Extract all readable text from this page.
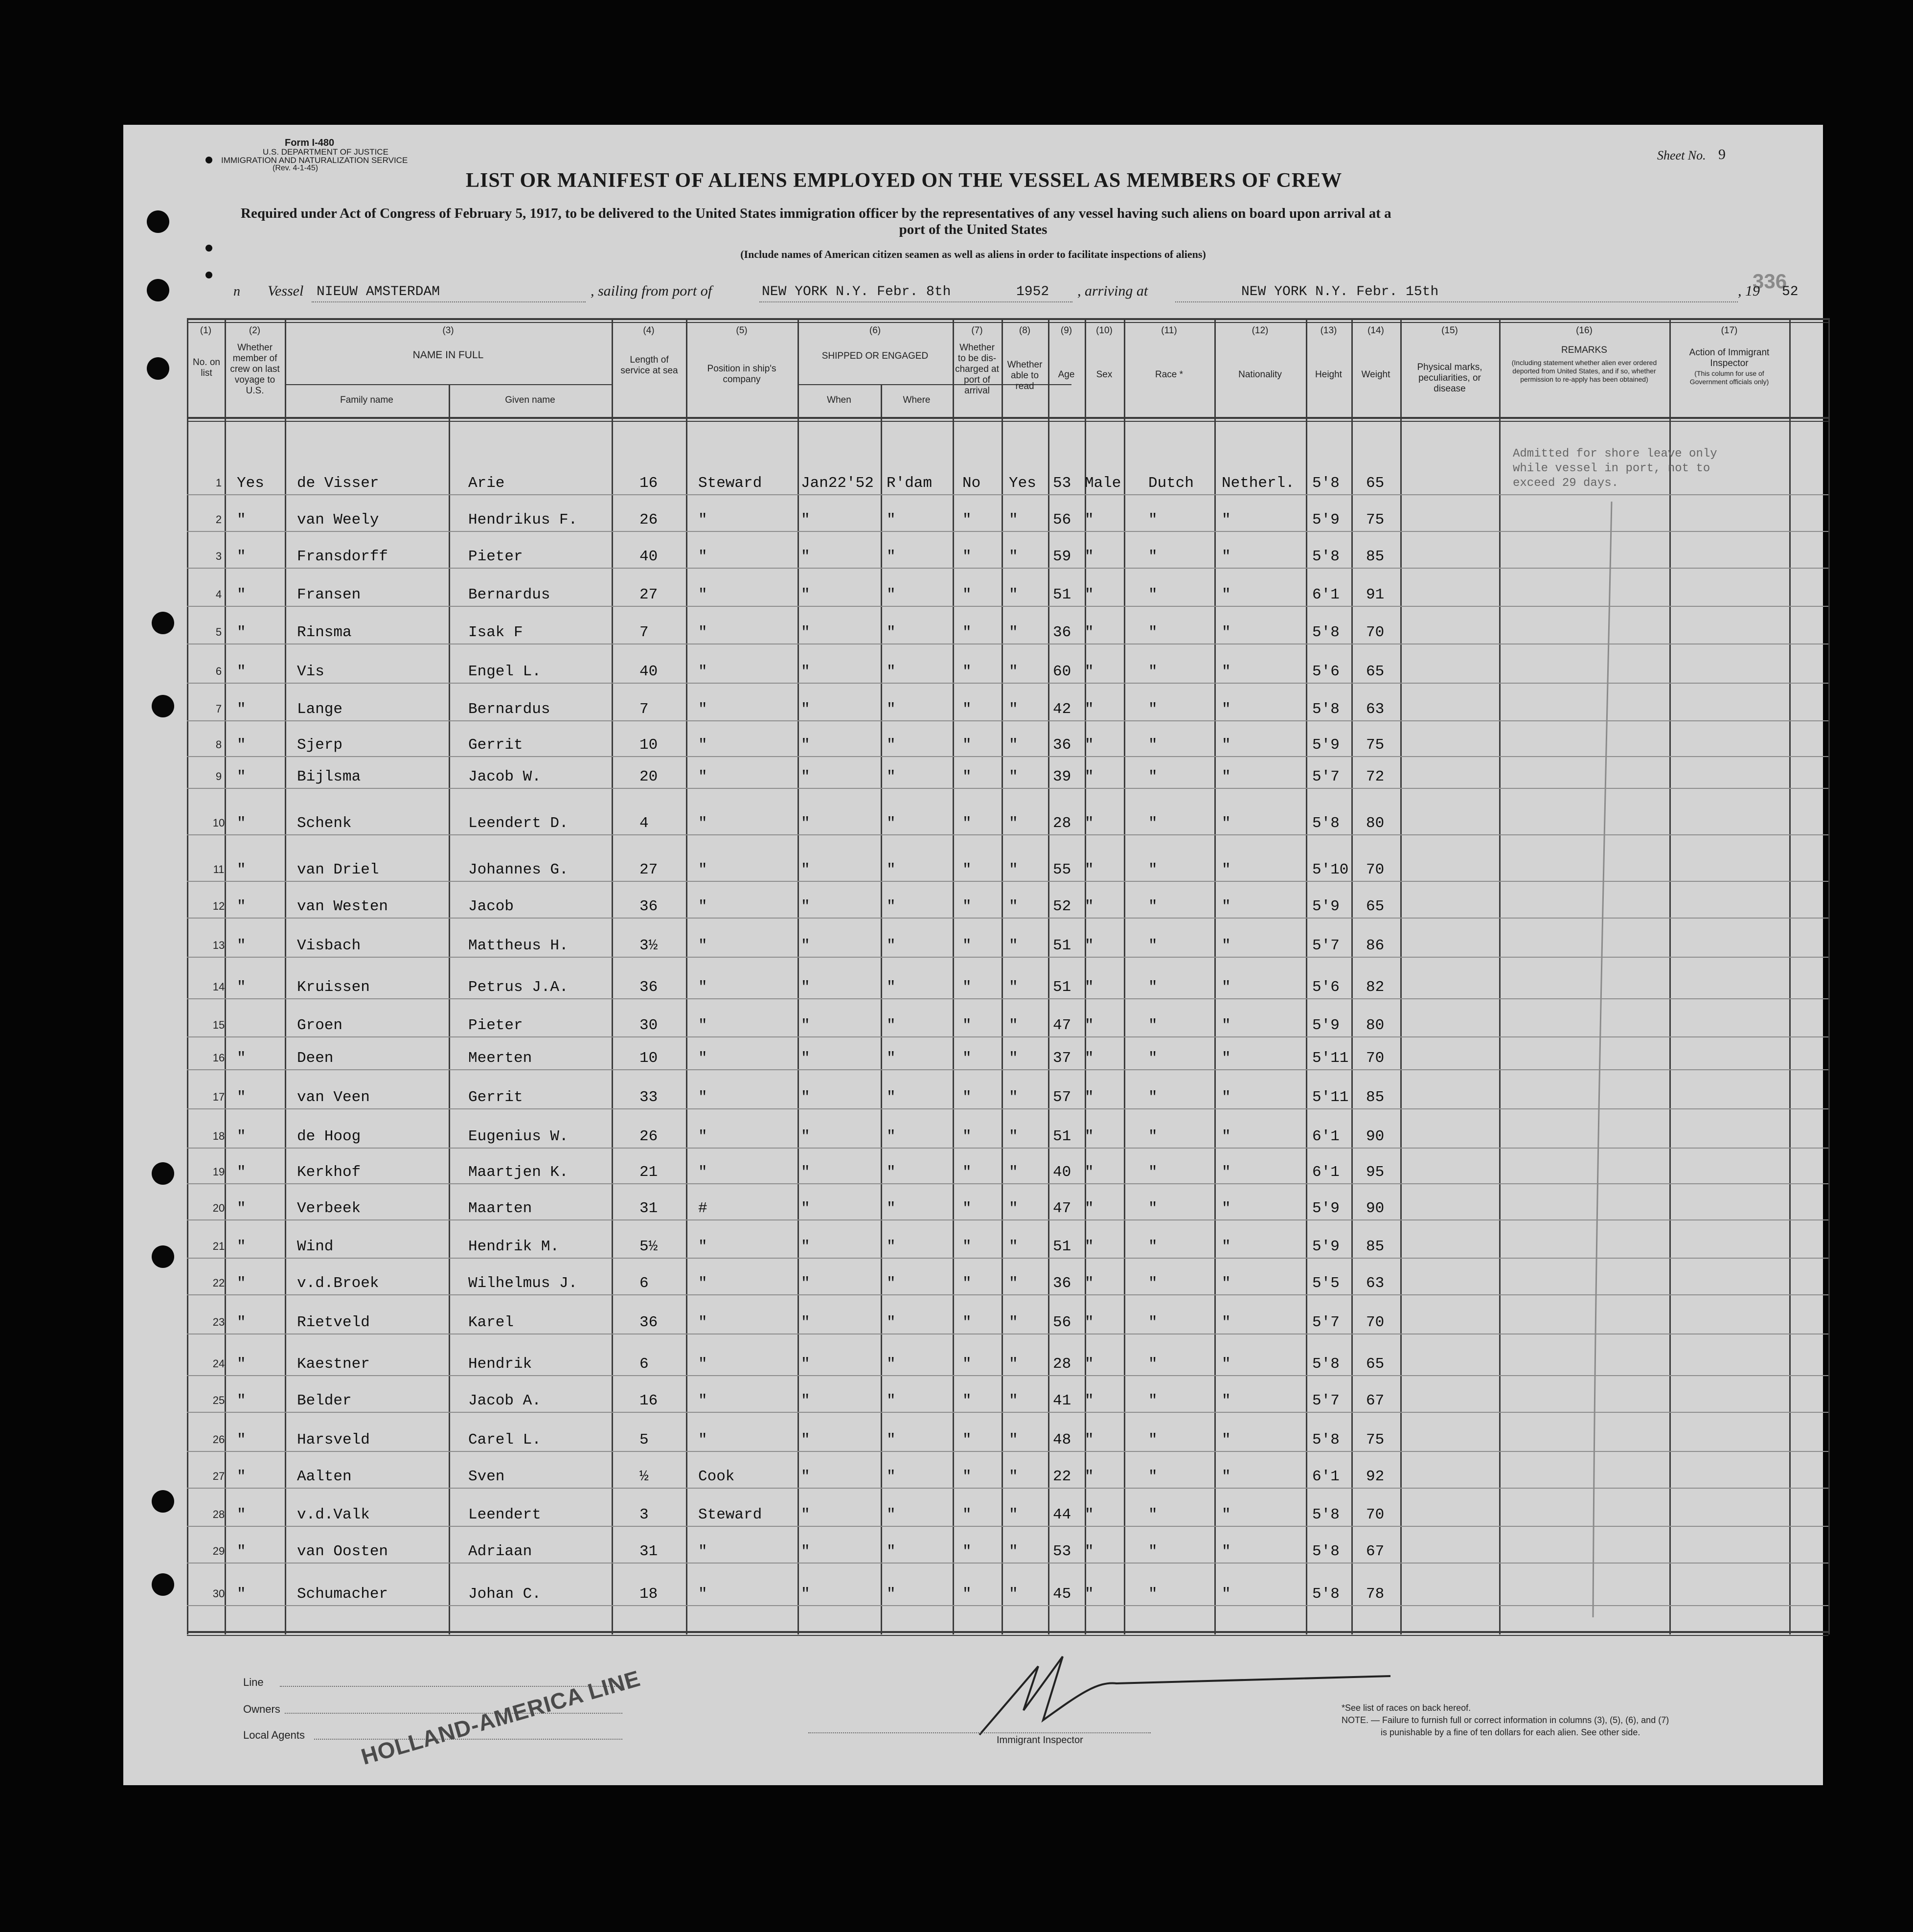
Form I-480
U.S. DEPARTMENT OF JUSTICE
IMMIGRATION AND NATURALIZATION SERVICE
(Rev. 4-1-45)
LIST OR MANIFEST OF ALIENS EMPLOYED ON THE VESSEL AS MEMBERS OF CREW
Required under Act of Congress of February 5, 1917, to be delivered to the United States immigration officer by the representatives of any vessel having such aliens on board upon arrival at a
port of the United States
(Include names of American citizen seamen as well as aliens in order to facilitate inspections of aliens)
Sheet No. 9
336
n Vessel NIEUW AMSTERDAM	, sailing from port of	NEW YORK N.Y. Febr. 8th	1952 , arriving at	NEW YORK N.Y. Febr. 15th	, 19 52
(1)
No. on list
(2)
Whether member of crew on last voyage to U.S.
(3)
NAME IN FULL
Family name	Given name
(4)
Length of service at sea
(5)
Position in ship's company
(6)
SHIPPED OR ENGAGED
When	Where
(7)
Whether to be dis-charged at port of arrival
(8)
Whether able to read
(9)
Age
(10)
Sex
(11)
Race *
(12)
Nationality
(13)
Height
(14)
Weight
(15)
Physical marks, peculiarities, or disease
(16)
REMARKS
(Including statement whether alien ever ordered deported from United States, and if so, whether permission to re-apply has been obtained)
(17)
Action of Immigrant Inspector
(This column for use of Government officials only)
Admitted for shore leave only
while vessel in port, not to
exceed 29 days.
1 Yes de Visser	Arie	16	Steward	Jan22'52 R'dam No Yes 53 Male Dutch Netherl. 5'8 65
2 "	van Weely	Hendrikus F.	26	"	"	"	" " 56 "	"	"	5'9 75
3 "	Fransdorff	Pieter	40	"	"	"	" " 59 "	"	"	5'8 85
4 "	Fransen	Bernardus	27	"	"	"	" " 51 "	"	"	6'1 91
5 "	Rinsma	Isak F	7	"	"	"	" " 36 "	"	"	5'8 70
6 "	Vis	Engel L.	40	"	"	"	" " 60 "	"	"	5'6 65
7 "	Lange	Bernardus	7	"	"	"	" " 42 "	"	"	5'8 63
8 "	Sjerp	Gerrit	10	"	"	"	" " 36 "	"	"	5'9 75
9 "	Bijlsma	Jacob W.	20	"	"	"	" " 39 "	"	"	5'7 72
10 "	Schenk	Leendert D.	4	"	"	"	" " 28 "	"	"	5'8 80
11 "	van Driel	Johannes G.	27	"	"	"	" " 55 "	"	"	5'10 70
12 "	van Westen	Jacob	36	"	"	"	" " 52 "	"	"	5'9 65
13 "	Visbach	Mattheus H.	3½	"	"	"	" " 51 "	"	"	5'7 86
14 "	Kruissen	Petrus J.A.	36	"	"	"	" " 51 "	"	"	5'6 82
15	Groen	Pieter	30	"	"	"	" " 47 "	"	"	5'9 80
16 "	Deen	Meerten	10	"	"	"	" " 37 "	"	"	5'11 70
17 "	van Veen	Gerrit	33	"	"	"	" " 57 "	"	"	5'11 85
18 "	de Hoog	Eugenius W.	26	"	"	"	" " 51 "	"	"	6'1 90
19 "	Kerkhof	Maartjen K.	21	"	"	"	" " 40 "	"	"	6'1 95
20 "	Verbeek	Maarten	31	#	"	"	" " 47 "	"	"	5'9 90
21 "	Wind	Hendrik M.	5½	"	"	"	" " 51 "	"	"	5'9 85
22 "	v.d.Broek	Wilhelmus J.	6	"	"	"	" " 36 "	"	"	5'5 63
23 "	Rietveld	Karel	36	"	"	"	" " 56 "	"	"	5'7 70
24 "	Kaestner	Hendrik	6	"	"	"	" " 28 "	"	"	5'8 65
25 "	Belder	Jacob A.	16	"	"	"	" " 41 "	"	"	5'7 67
26 "	Harsveld	Carel L.	5	"	"	"	" " 48 "	"	"	5'8 75
27 "	Aalten	Sven	½	Cook	"	"	" " 22 "	"	"	6'1 92
28 "	v.d.Valk	Leendert	3	Steward	"	"	" " 44 "	"	"	5'8 70
29 "	van Oosten	Adriaan	31	"	"	"	" " 53 "	"	"	5'8 67
30 "	Schumacher	Johan C.	18	"	"	"	" " 45 "	"	"	5'8 78
Line
Owners
Local Agents HOLLAND-AMERICA LINE	Immigrant Inspector
*See list of races on back hereof.
NOTE. — Failure to furnish full or correct information in columns (3), (5), (6), and (7)
is punishable by a fine of ten dollars for each alien. See other side.
